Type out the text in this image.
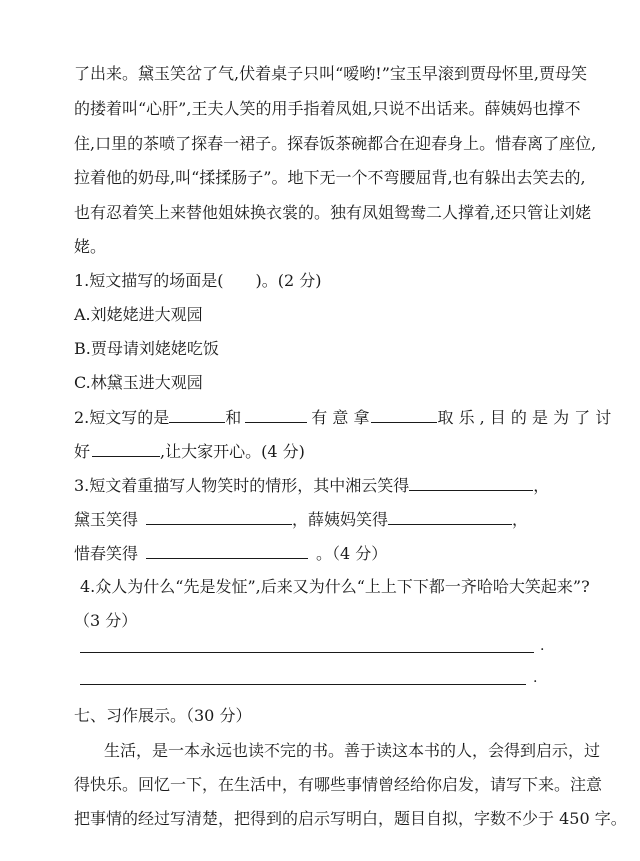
了出来。黛玉笑岔了气,伏着桌子只叫“嗳哟!”宝玉早滚到贾母怀里,贾母笑
的搂着叫“心肝”,王夫人笑的用手指着凤姐,只说不出话来。薛姨妈也撑不
住,口里的茶喷了探春一裙子。探春饭茶碗都合在迎春身上。惜春离了座位,
拉着他的奶母,叫“揉揉肠子”。地下无一个不弯腰屈背,也有躲出去笑去的,
也有忍着笑上来替他姐妹换衣裳的。独有凤姐鸳鸯二人撑着,还只管让刘姥
姥。
1.短文描写的场面是(　　)。(2 分)
A.刘姥姥进大观园
B.贾母请刘姥姥吃饭
C.林黛玉进大观园
2.短文写的是	和	有 意 拿	取 乐 , 目 的 是 为 了 讨
好	,让大家开心。(4 分)
3.短文着重描写人物笑时的情形，其中湘云笑得	，
黛玉笑得	，薛姨妈笑得	，
惜春笑得	。（4 分）
4.众人为什么“先是发怔”,后来又为什么“上上下下都一齐哈哈大笑起来”?
（3 分）
.
.
七、习作展示。（30 分）
生活，是一本永远也读不完的书。善于读这本书的人，会得到启示，过
得快乐。回忆一下，在生活中，有哪些事情曾经给你启发，请写下来。注意
把事情的经过写清楚，把得到的启示写明白，题目自拟，字数不少于 450 字。
